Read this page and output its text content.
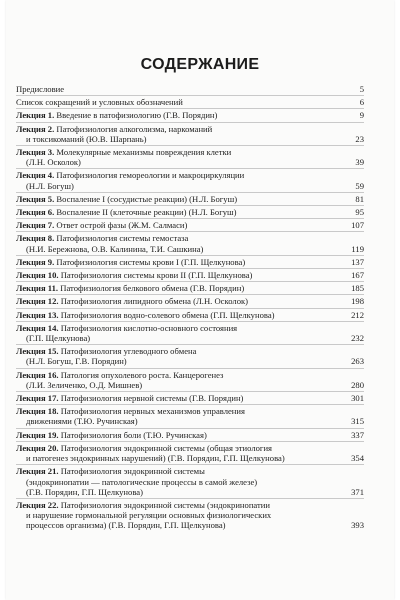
СОДЕРЖАНИЕ
Предисловие	5
Список сокращений и условных обозначений	6
Лекция 1. Введение в патофизиологию (Г.В. Порядин)	9
Лекция 2. Патофизиология алкоголизма, наркоманий
и токсикоманий (Ю.В. Шарпань)	23
Лекция 3. Молекулярные механизмы повреждения клетки
(Л.Н. Осколок)	39
Лекция 4. Патофизиология гемореологии и макроциркуляции
(Н.Л. Богуш)	59
Лекция 5. Воспаление I (сосудистые реакции) (Н.Л. Богуш)	81
Лекция 6. Воспаление II (клеточные реакции) (Н.Л. Богуш)	95
Лекция 7. Ответ острой фазы (Ж.М. Салмаси)	107
Лекция 8. Патофизиология системы гемостаза
(Н.И. Бережнова, О.В. Калинина, Т.И. Сашкина)	119
Лекция 9. Патофизиология системы крови I (Г.П. Щелкунова)	137
Лекция 10. Патофизиология системы крови II (Г.П. Щелкунова)	167
Лекция 11. Патофизиология белкового обмена (Г.В. Порядин)	185
Лекция 12. Патофизиология липидного обмена (Л.Н. Осколок)	198
Лекция 13. Патофизиология водно-солевого обмена (Г.П. Щелкунова)	212
Лекция 14. Патофизиология кислотно-основного состояния
(Г.П. Щелкунова)	232
Лекция 15. Патофизиология углеводного обмена
(Н.Л. Богуш, Г.В. Порядин)	263
Лекция 16. Патология опухолевого роста. Канцерогенез
(Л.И. Зеличенко, О.Д. Мишнев)	280
Лекция 17. Патофизиология нервной системы (Г.В. Порядин)	301
Лекция 18. Патофизиология нервных механизмов управления
движениями (Т.Ю. Ручинская)	315
Лекция 19. Патофизиология боли (Т.Ю. Ручинская)	337
Лекция 20. Патофизиология эндокринной системы (общая этиология
и патогенез эндокринных нарушений) (Г.В. Порядин, Г.П. Щелкунова)	354
Лекция 21. Патофизиология эндокринной системы
(эндокринопатии — патологические процессы в самой железе)
(Г.В. Порядин, Г.П. Щелкунова)	371
Лекция 22. Патофизиология эндокринной системы (эндокринопатии
и нарушение гормональной регуляции основных физиологических
процессов организма) (Г.В. Порядин, Г.П. Щелкунова)	393
